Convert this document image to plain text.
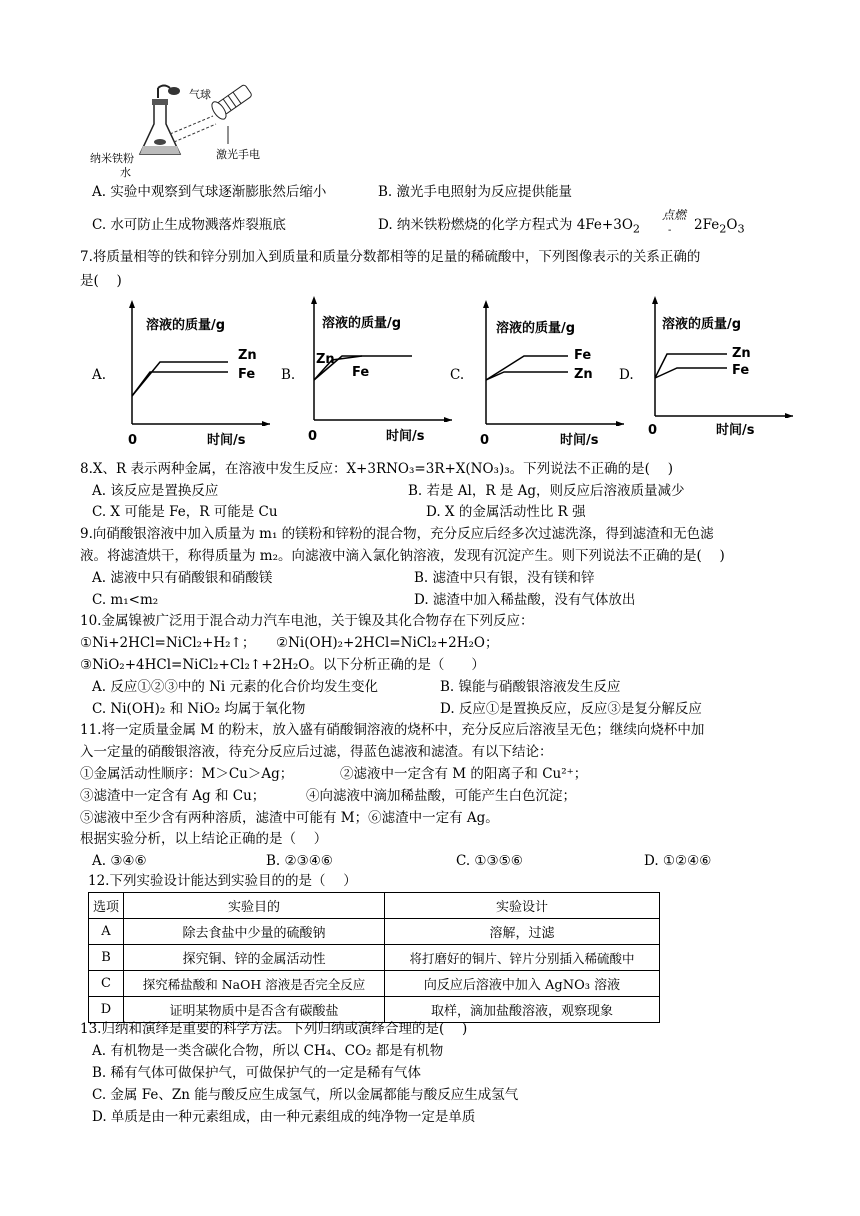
气球
纳米铁粉
水
激光手电
A. 实验中观察到气球逐渐膨胀然后缩小	B. 激光手电照射为反应提供能量
C. 水可防止生成物溅落炸裂瓶底	D. 纳米铁粉燃烧的化学方程式为 $4Fe+3O_2$
点燃
- $2Fe_2O_3$
7.将质量相等的铁和锌分别加入到质量和质量分数都相等的足量的稀硫酸中，下列图像表示的关系正确的
是(　 )
A.	B.	C.	D.
溶液的质量/g
Zn
Fe
0	时间/s
溶液的质量/g
Zn
Fe
0	时间/s
溶液的质量/g
Fe
Zn
0	时间/s
溶液的质量/g
Zn
Fe
0	时间/s
8.X、R 表示两种金属，在溶液中发生反应：X+3RNO₃=3R+X(NO₃)₃。下列说法不正确的是(　 )
A. 该反应是置换反应	B. 若是 Al，R 是 Ag，则反应后溶液质量减少
C. X 可能是 Fe，R 可能是 Cu	D. X 的金属活动性比 R 强
9.向硝酸银溶液中加入质量为 m₁ 的镁粉和锌粉的混合物，充分反应后经多次过滤洗涤，得到滤渣和无色滤
液。将滤渣烘干，称得质量为 m₂。向滤液中滴入氯化钠溶液，发现有沉淀产生。则下列说法不正确的是(　 )
A. 滤液中只有硝酸银和硝酸镁	B. 滤渣中只有银，没有镁和锌
C. m₁<m₂	D. 滤渣中加入稀盐酸，没有气体放出
10.金属镍被广泛用于混合动力汽车电池，关于镍及其化合物存在下列反应：
①Ni+2HCl=NiCl₂+H₂↑； ②Ni(OH)₂+2HCl=NiCl₂+2H₂O；
③NiO₂+4HCl=NiCl₂+Cl₂↑+2H₂O。以下分析正确的是（　　）
A. 反应①②③中的 Ni 元素的化合价均发生变化	B. 镍能与硝酸银溶液发生反应
C. Ni(OH)₂ 和 NiO₂ 均属于氧化物	D. 反应①是置换反应，反应③是复分解反应
11.将一定质量金属 M 的粉末，放入盛有硝酸铜溶液的烧杯中，充分反应后溶液呈无色；继续向烧杯中加
入一定量的硝酸银溶液，待充分反应后过滤，得蓝色滤液和滤渣。有以下结论：
①金属活动性顺序：M＞Cu＞Ag；	②滤液中一定含有 M 的阳离子和 Cu²⁺；
③滤渣中一定含有 Ag 和 Cu；	④向滤液中滴加稀盐酸，可能产生白色沉淀；
⑤滤液中至少含有两种溶质，滤渣中可能有 M；⑥滤渣中一定有 Ag。
根据实验分析，以上结论正确的是（　 ）
A. ③④⑥	B. ②③④⑥	C. ①③⑤⑥	D. ①②④⑥
12.下列实验设计能达到实验目的的是（　 ）
选项	实验目的	实验设计
A	除去食盐中少量的硫酸钠	溶解，过滤
B	探究铜、锌的金属活动性	将打磨好的铜片、锌片分别插入稀硫酸中
C	探究稀盐酸和 NaOH 溶液是否完全反应	向反应后溶液中加入 AgNO₃ 溶液
D	证明某物质中是否含有碳酸盐	取样，滴加盐酸溶液，观察现象
13.归纳和演绎是重要的科学方法。下列归纳或演绎合理的是(　 )
A. 有机物是一类含碳化合物，所以 CH₄、CO₂ 都是有机物
B. 稀有气体可做保护气，可做保护气的一定是稀有气体
C. 金属 Fe、Zn 能与酸反应生成氢气，所以金属都能与酸反应生成氢气
D. 单质是由一种元素组成，由一种元素组成的纯净物一定是单质
